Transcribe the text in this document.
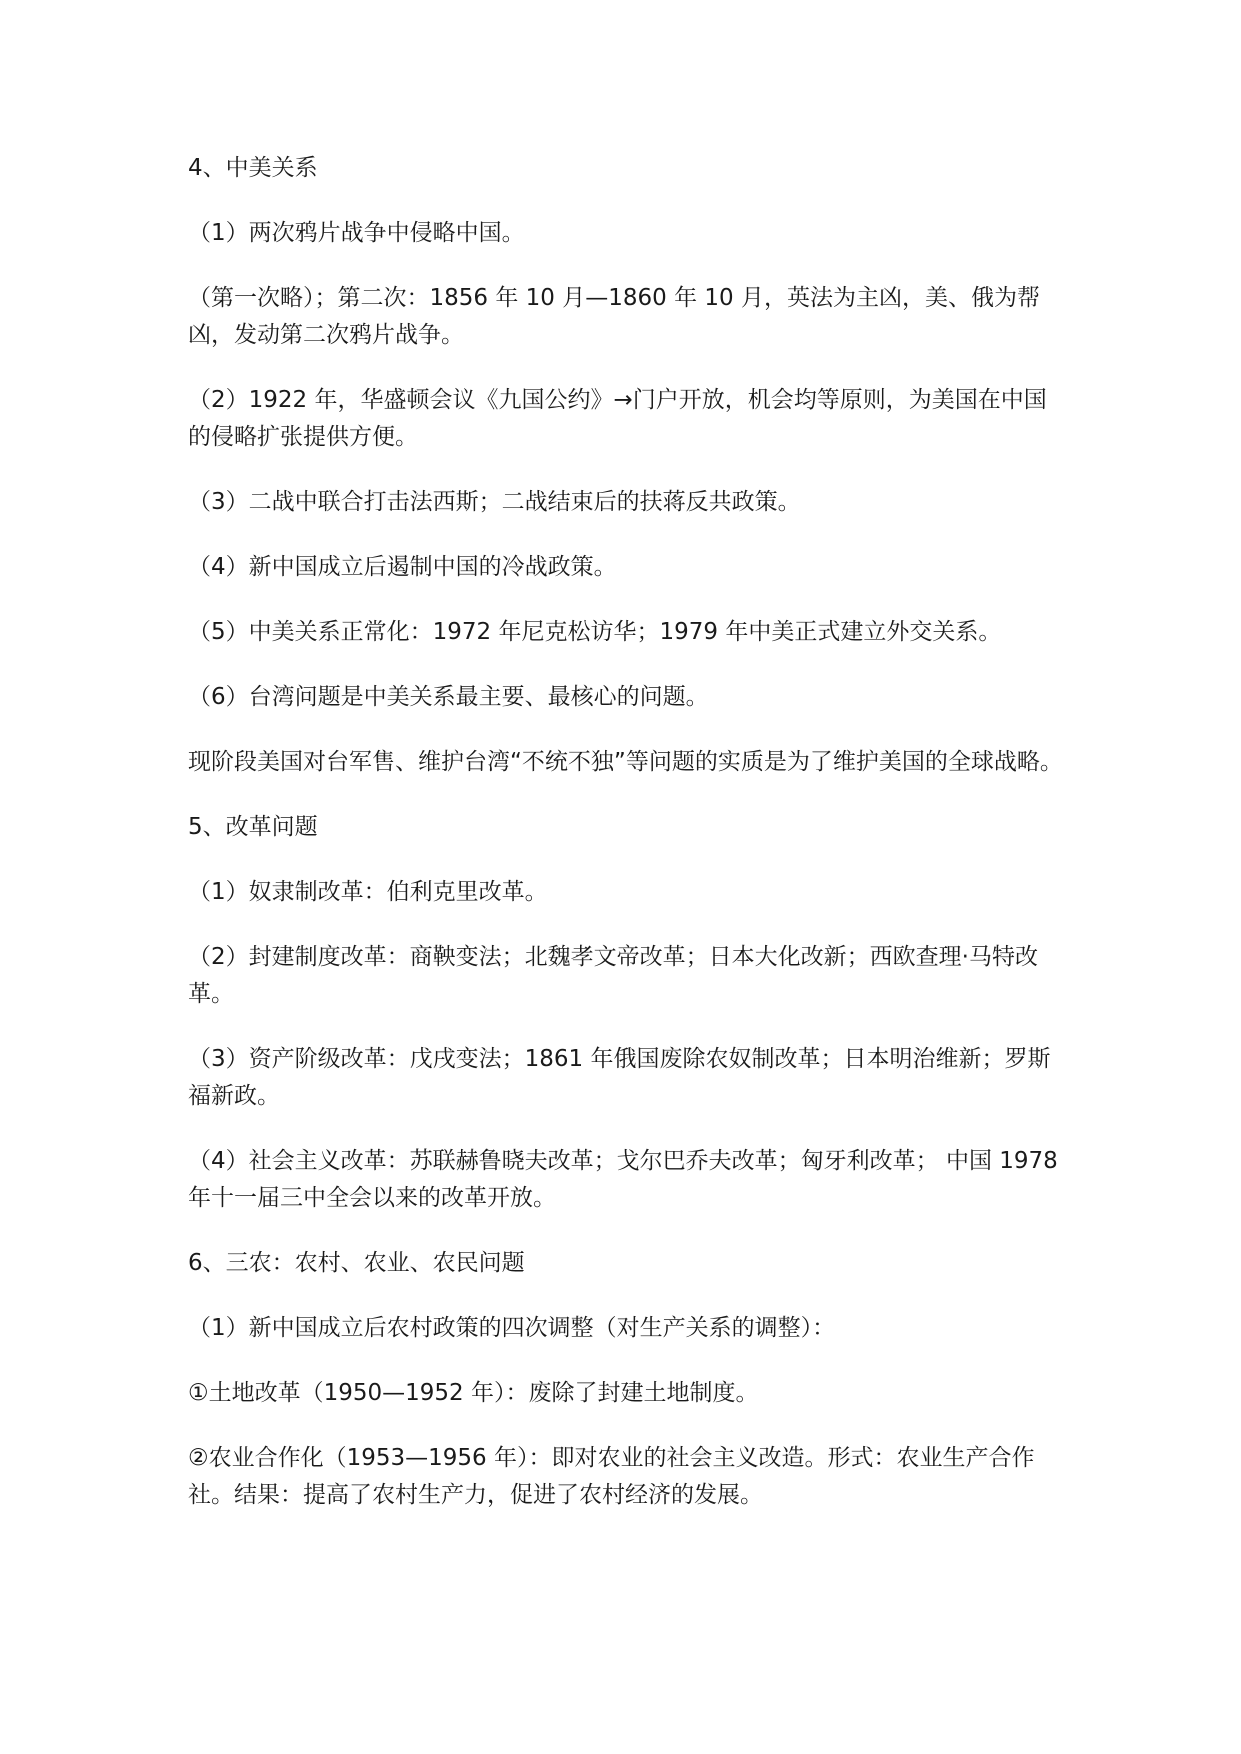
4、中美关系

（1）两次鸦片战争中侵略中国。

（第一次略）；第二次：1856 年 10 月—1860 年 10 月，英法为主凶，美、俄为帮凶，发动第二次鸦片战争。

（2）1922 年，华盛顿会议《九国公约》→门户开放，机会均等原则，为美国在中国的侵略扩张提供方便。

（3）二战中联合打击法西斯；二战结束后的扶蒋反共政策。

（4）新中国成立后遏制中国的冷战政策。

（5）中美关系正常化：1972 年尼克松访华；1979 年中美正式建立外交关系。

（6）台湾问题是中美关系最主要、最核心的问题。

现阶段美国对台军售、维护台湾“不统不独”等问题的实质是为了维护美国的全球战略。

5、改革问题

（1）奴隶制改革：伯利克里改革。

（2）封建制度改革：商鞅变法；北魏孝文帝改革；日本大化改新；西欧查理·马特改革。

（3）资产阶级改革：戊戌变法；1861 年俄国废除农奴制改革；日本明治维新；罗斯福新政。

（4）社会主义改革：苏联赫鲁晓夫改革；戈尔巴乔夫改革；匈牙利改革； 中国 1978 年十一届三中全会以来的改革开放。

6、三农：农村、农业、农民问题

（1）新中国成立后农村政策的四次调整（对生产关系的调整）：

①土地改革（1950—1952 年）：废除了封建土地制度。

②农业合作化（1953—1956 年）：即对农业的社会主义改造。形式：农业生产合作社。结果：提高了农村生产力，促进了农村经济的发展。
